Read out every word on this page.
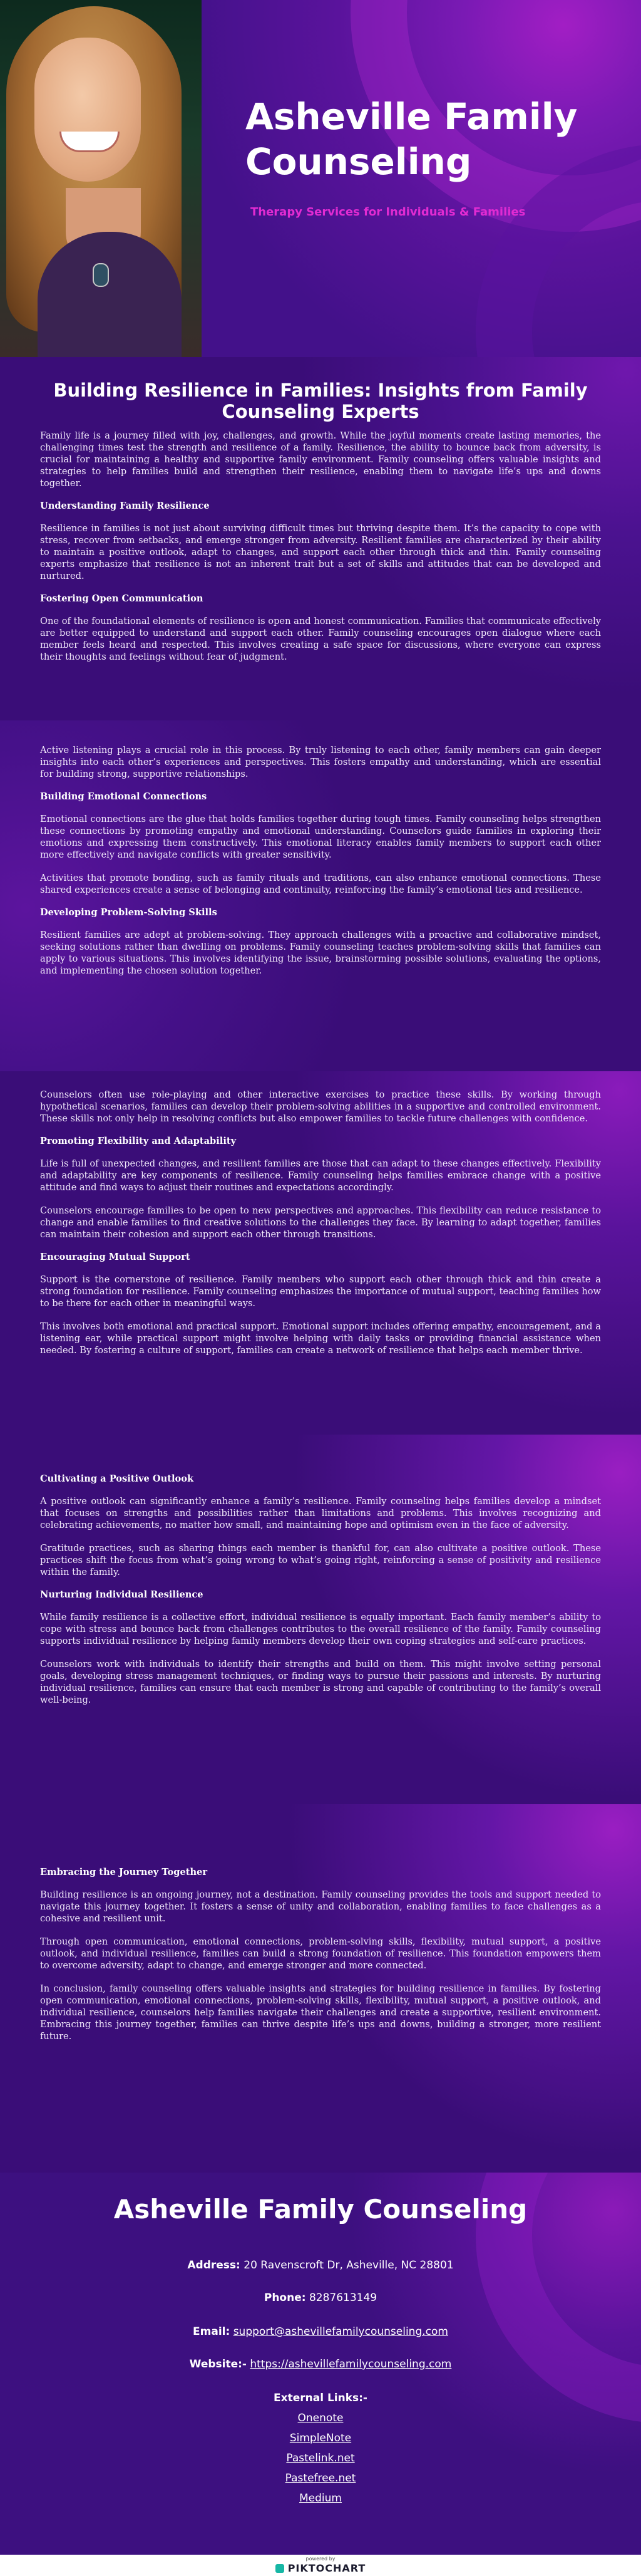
Asheville Family Counseling
Therapy Services for Individuals & Families
Building Resilience in Families: Insights from Family Counseling Experts

Family life is a journey filled with joy, challenges, and growth. While the joyful moments create lasting memories, the challenging times test the strength and resilience of a family. Resilience, the ability to bounce back from adversity, is crucial for maintaining a healthy and supportive family environment. Family counseling offers valuable insights and strategies to help families build and strengthen their resilience, enabling them to navigate life’s ups and downs together.

Understanding Family Resilience

Resilience in families is not just about surviving difficult times but thriving despite them. It’s the capacity to cope with stress, recover from setbacks, and emerge stronger from adversity. Resilient families are characterized by their ability to maintain a positive outlook, adapt to changes, and support each other through thick and thin. Family counseling experts emphasize that resilience is not an inherent trait but a set of skills and attitudes that can be developed and nurtured.

Fostering Open Communication

One of the foundational elements of resilience is open and honest communication. Families that communicate effectively are better equipped to understand and support each other. Family counseling encourages open dialogue where each member feels heard and respected. This involves creating a safe space for discussions, where everyone can express their thoughts and feelings without fear of judgment.

Active listening plays a crucial role in this process. By truly listening to each other, family members can gain deeper insights into each other’s experiences and perspectives. This fosters empathy and understanding, which are essential for building strong, supportive relationships.

Building Emotional Connections

Emotional connections are the glue that holds families together during tough times. Family counseling helps strengthen these connections by promoting empathy and emotional understanding. Counselors guide families in exploring their emotions and expressing them constructively. This emotional literacy enables family members to support each other more effectively and navigate conflicts with greater sensitivity.

Activities that promote bonding, such as family rituals and traditions, can also enhance emotional connections. These shared experiences create a sense of belonging and continuity, reinforcing the family’s emotional ties and resilience.

Developing Problem-Solving Skills

Resilient families are adept at problem-solving. They approach challenges with a proactive and collaborative mindset, seeking solutions rather than dwelling on problems. Family counseling teaches problem-solving skills that families can apply to various situations. This involves identifying the issue, brainstorming possible solutions, evaluating the options, and implementing the chosen solution together.

Counselors often use role-playing and other interactive exercises to practice these skills. By working through hypothetical scenarios, families can develop their problem-solving abilities in a supportive and controlled environment. These skills not only help in resolving conflicts but also empower families to tackle future challenges with confidence.

Promoting Flexibility and Adaptability

Life is full of unexpected changes, and resilient families are those that can adapt to these changes effectively. Flexibility and adaptability are key components of resilience. Family counseling helps families embrace change with a positive attitude and find ways to adjust their routines and expectations accordingly.

Counselors encourage families to be open to new perspectives and approaches. This flexibility can reduce resistance to change and enable families to find creative solutions to the challenges they face. By learning to adapt together, families can maintain their cohesion and support each other through transitions.

Encouraging Mutual Support

Support is the cornerstone of resilience. Family members who support each other through thick and thin create a strong foundation for resilience. Family counseling emphasizes the importance of mutual support, teaching families how to be there for each other in meaningful ways.

This involves both emotional and practical support. Emotional support includes offering empathy, encouragement, and a listening ear, while practical support might involve helping with daily tasks or providing financial assistance when needed. By fostering a culture of support, families can create a network of resilience that helps each member thrive.

Cultivating a Positive Outlook

A positive outlook can significantly enhance a family’s resilience. Family counseling helps families develop a mindset that focuses on strengths and possibilities rather than limitations and problems. This involves recognizing and celebrating achievements, no matter how small, and maintaining hope and optimism even in the face of adversity.

Gratitude practices, such as sharing things each member is thankful for, can also cultivate a positive outlook. These practices shift the focus from what’s going wrong to what’s going right, reinforcing a sense of positivity and resilience within the family.

Nurturing Individual Resilience

While family resilience is a collective effort, individual resilience is equally important. Each family member’s ability to cope with stress and bounce back from challenges contributes to the overall resilience of the family. Family counseling supports individual resilience by helping family members develop their own coping strategies and self-care practices.

Counselors work with individuals to identify their strengths and build on them. This might involve setting personal goals, developing stress management techniques, or finding ways to pursue their passions and interests. By nurturing individual resilience, families can ensure that each member is strong and capable of contributing to the family’s overall well-being.

Embracing the Journey Together

Building resilience is an ongoing journey, not a destination. Family counseling provides the tools and support needed to navigate this journey together. It fosters a sense of unity and collaboration, enabling families to face challenges as a cohesive and resilient unit.

Through open communication, emotional connections, problem-solving skills, flexibility, mutual support, a positive outlook, and individual resilience, families can build a strong foundation of resilience. This foundation empowers them to overcome adversity, adapt to change, and emerge stronger and more connected.

In conclusion, family counseling offers valuable insights and strategies for building resilience in families. By fostering open communication, emotional connections, problem-solving skills, flexibility, mutual support, a positive outlook, and individual resilience, counselors help families navigate their challenges and create a supportive, resilient environment. Embracing this journey together, families can thrive despite life’s ups and downs, building a stronger, more resilient future.

Asheville Family Counseling
Address: 20 Ravenscroft Dr, Asheville, NC 28801
Phone: 8287613149
Email: support@ashevillefamilycounseling.com
Website:- https://ashevillefamilycounseling.com
External Links:-
Onenote
SimpleNote
Pastelink.net
Pastefree.net
Medium
powered by
PIKTOCHART
